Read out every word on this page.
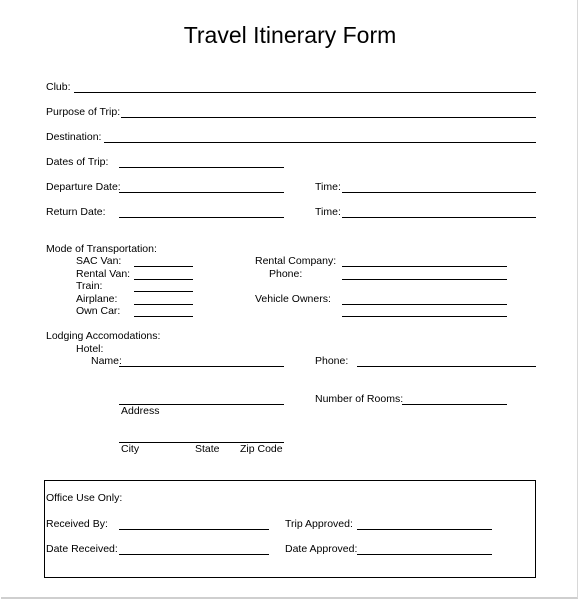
Travel Itinerary Form
Club:
Purpose of Trip:
Destination:
Dates of Trip:
Departure Date:	Time:
Return Date:	Time:
Mode of Transportation:
SAC Van:
Rental Van:
Train:
Airplane:
Own Car:
Rental Company:
Phone:
Vehicle Owners:
Lodging Accomodations:
Hotel:
Name:	Phone:
Address
Number of Rooms:
City	State Zip Code
Office Use Only:
Received By:	Trip Approved:
Date Received:	Date Approved:
